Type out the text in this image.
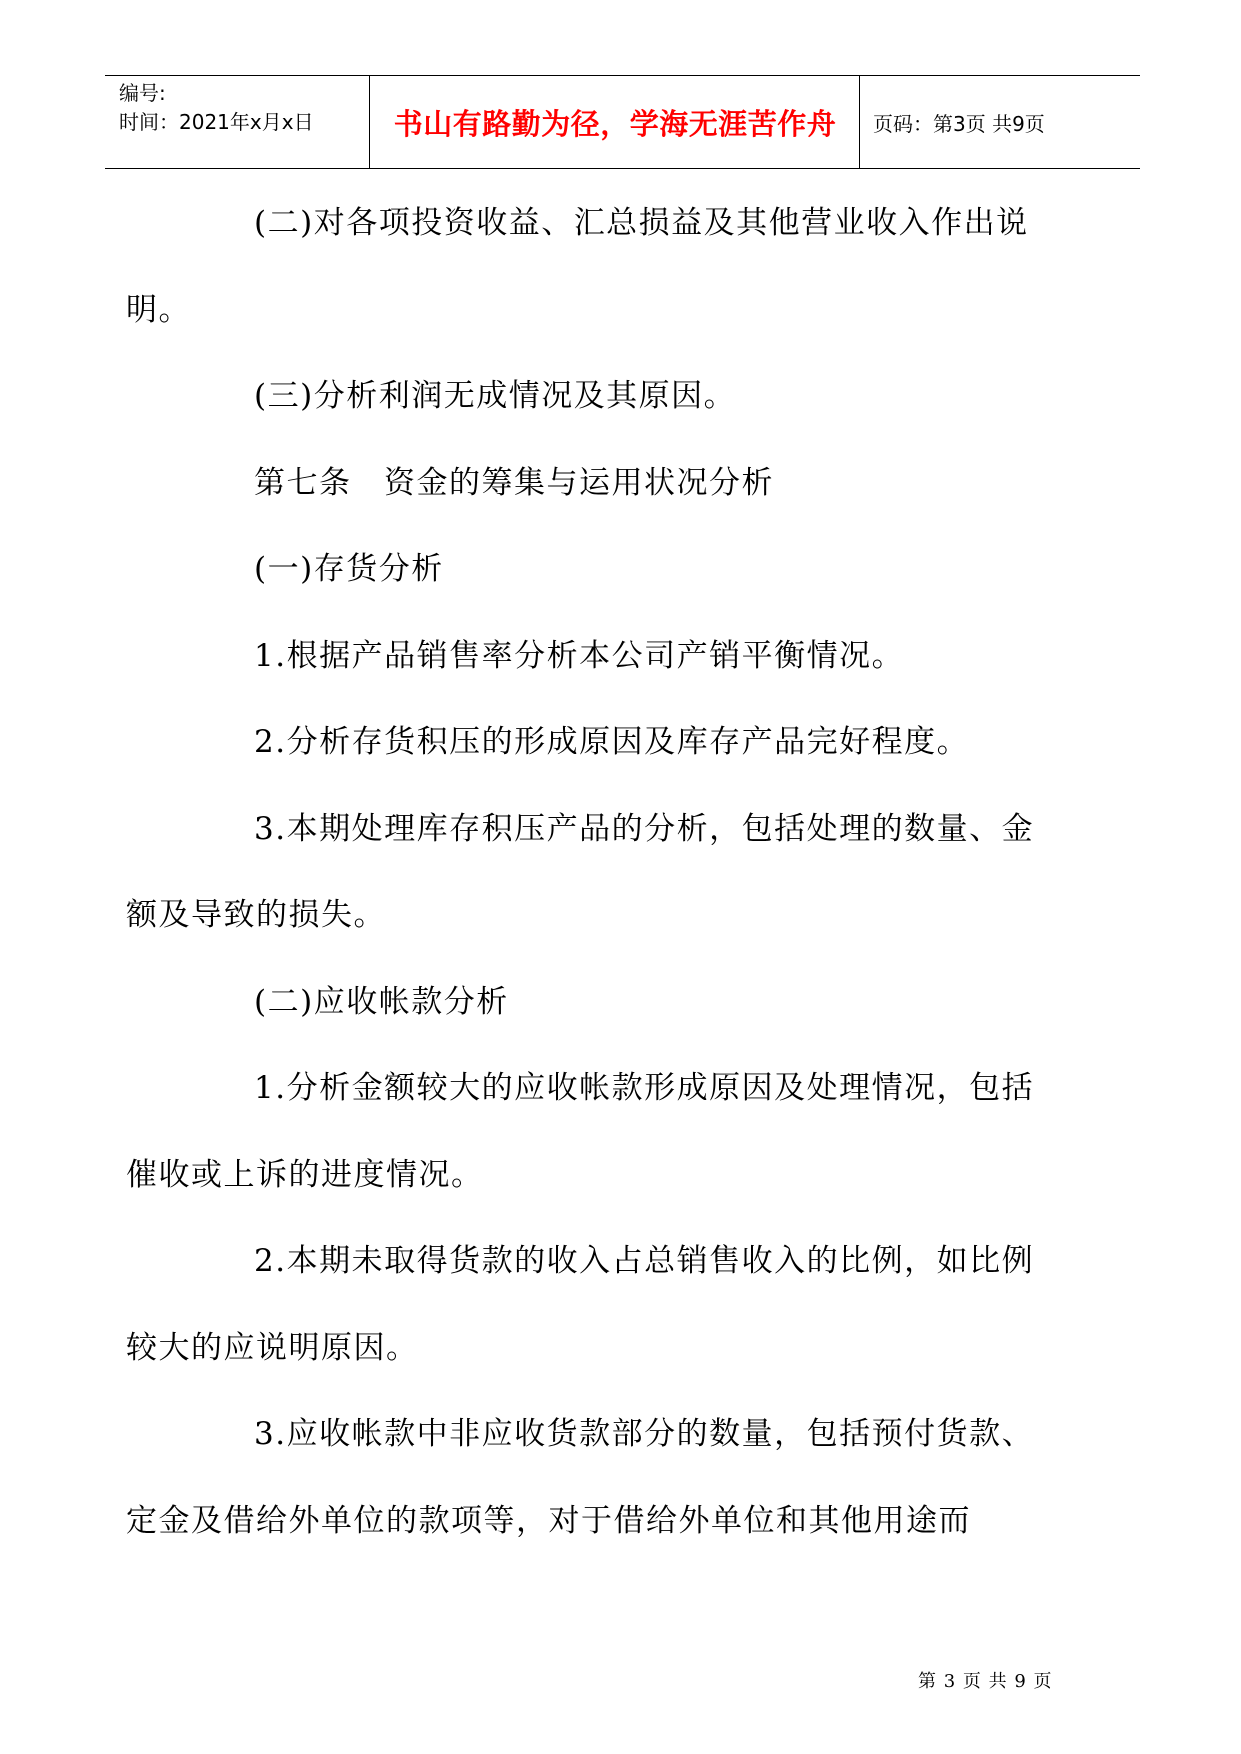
编号:
时间：2021年x月x日	书山有路勤为径，学海无涯苦作舟	页码：第3页 共9页

(二)对各项投资收益、汇总损益及其他营业收入作出说
明。

(三)分析利润无成情况及其原因。

第七条　资金的筹集与运用状况分析

(一)存货分析

1.根据产品销售率分析本公司产销平衡情况。

2.分析存货积压的形成原因及库存产品完好程度。

3.本期处理库存积压产品的分析，包括处理的数量、金
额及导致的损失。

(二)应收帐款分析

1.分析金额较大的应收帐款形成原因及处理情况，包括
催收或上诉的进度情况。

2.本期未取得货款的收入占总销售收入的比例，如比例
较大的应说明原因。

3.应收帐款中非应收货款部分的数量，包括预付货款、
定金及借给外单位的款项等，对于借给外单位和其他用途而

第 3 页 共 9 页
